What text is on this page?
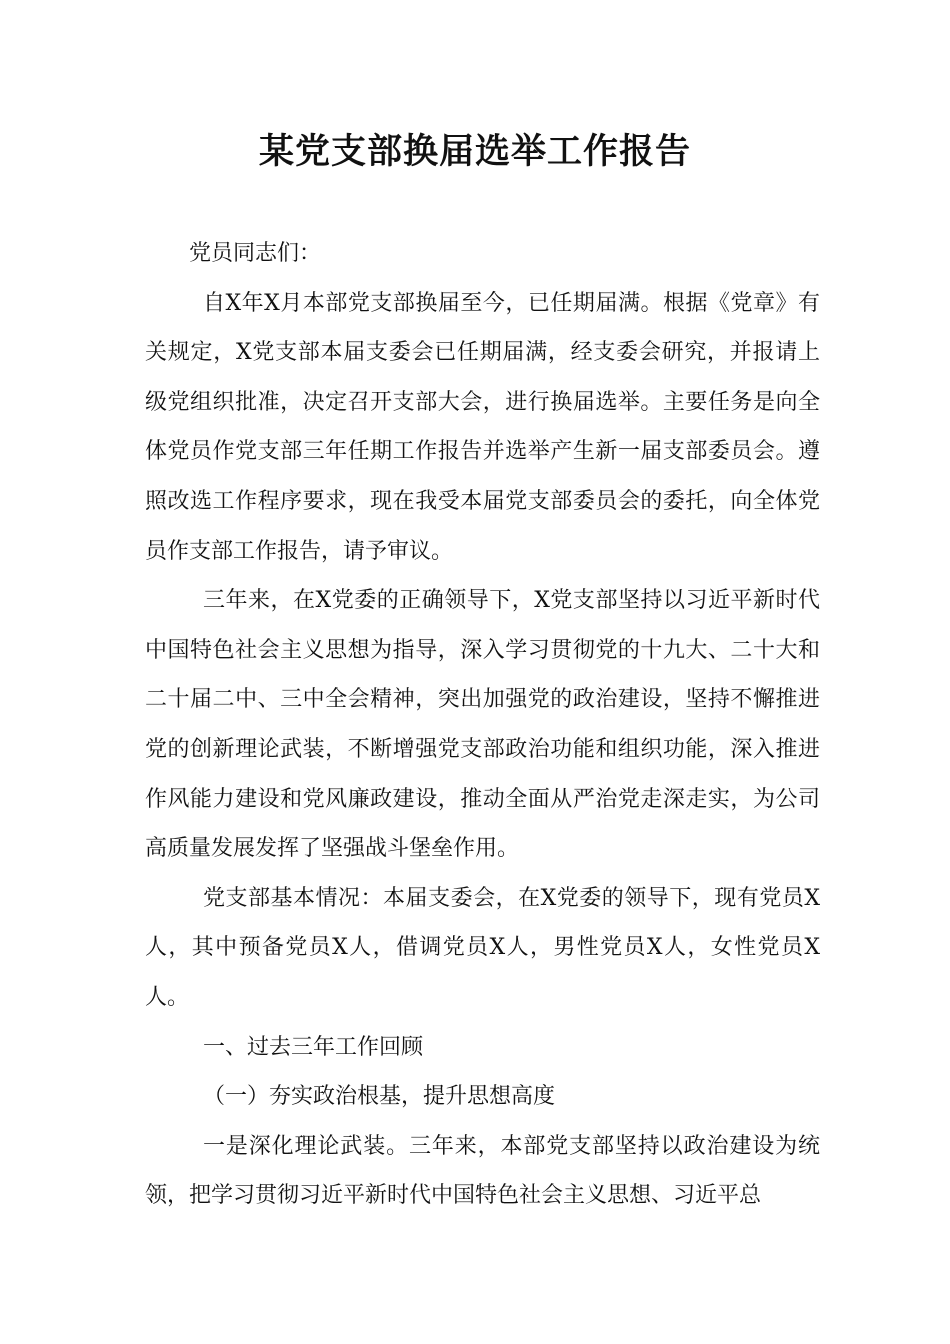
某党支部换届选举工作报告

党员同志们：

自X年X月本部党支部换届至今，已任期届满。根据《党章》有关规定，X党支部本届支委会已任期届满，经支委会研究，并报请上级党组织批准，决定召开支部大会，进行换届选举。主要任务是向全体党员作党支部三年任期工作报告并选举产生新一届支部委员会。遵照改选工作程序要求，现在我受本届党支部委员会的委托，向全体党员作支部工作报告，请予审议。

三年来，在X党委的正确领导下，X党支部坚持以习近平新时代中国特色社会主义思想为指导，深入学习贯彻党的十九大、二十大和二十届二中、三中全会精神，突出加强党的政治建设，坚持不懈推进党的创新理论武装，不断增强党支部政治功能和组织功能，深入推进作风能力建设和党风廉政建设，推动全面从严治党走深走实，为公司高质量发展发挥了坚强战斗堡垒作用。

党支部基本情况：本届支委会，在X党委的领导下，现有党员X人，其中预备党员X人，借调党员X人，男性党员X人，女性党员X人。

一、过去三年工作回顾

（一）夯实政治根基，提升思想高度

一是深化理论武装。三年来，本部党支部坚持以政治建设为统领，把学习贯彻习近平新时代中国特色社会主义思想、习近平总
